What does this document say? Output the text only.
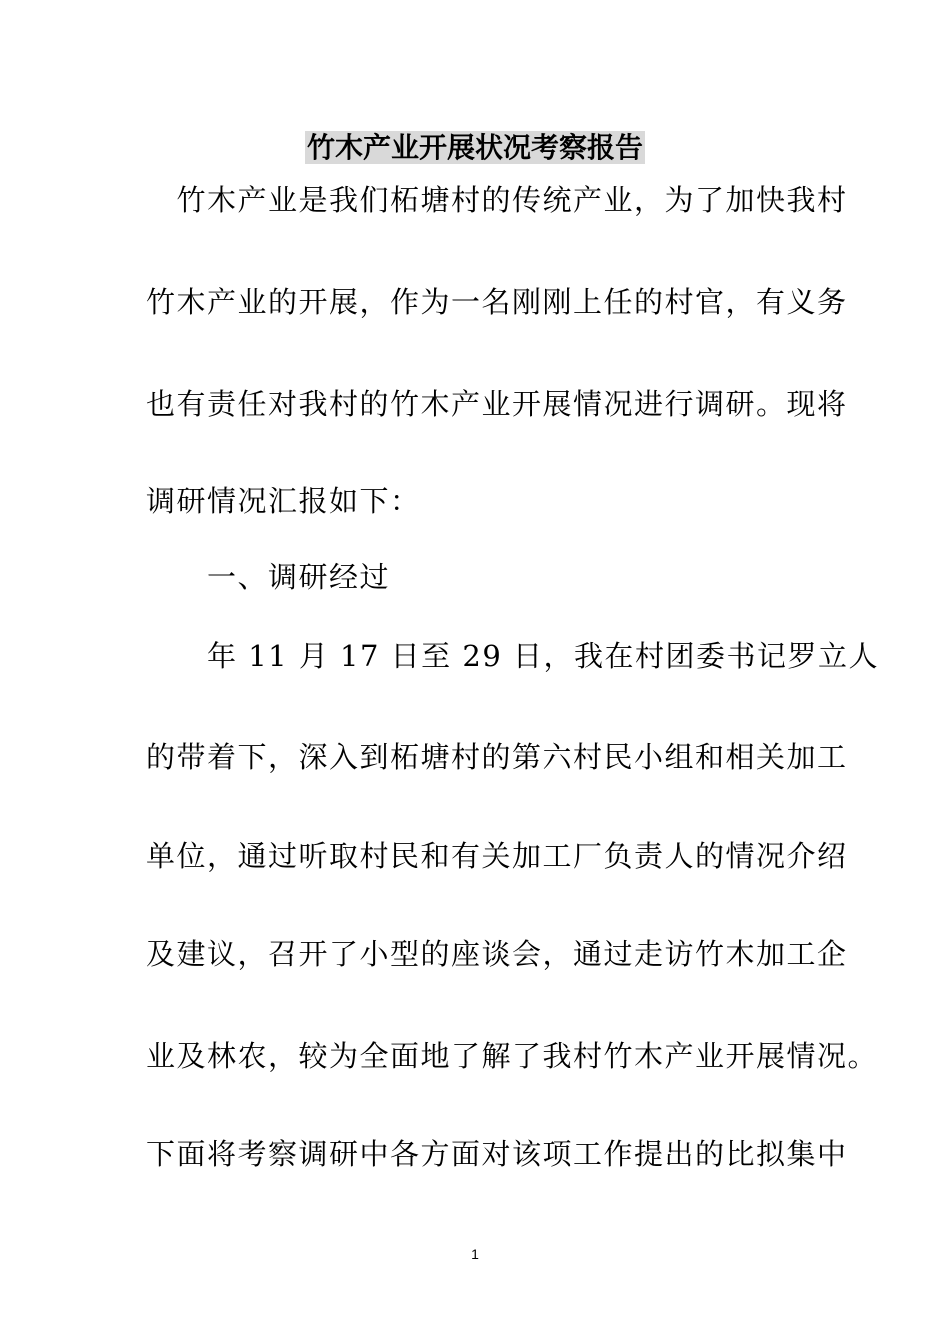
竹木产业开展状况考察报告
　竹木产业是我们柘塘村的传统产业，为了加快我村
竹木产业的开展，作为一名刚刚上任的村官，有义务
也有责任对我村的竹木产业开展情况进行调研。现将
调研情况汇报如下：
　　一、调研经过
　　年 11 月 17 日至 29 日，我在村团委书记罗立人
的带着下，深入到柘塘村的第六村民小组和相关加工
单位，通过听取村民和有关加工厂负责人的情况介绍
及建议，召开了小型的座谈会，通过走访竹木加工企
业及林农，较为全面地了解了我村竹木产业开展情况。
下面将考察调研中各方面对该项工作提出的比拟集中
1
